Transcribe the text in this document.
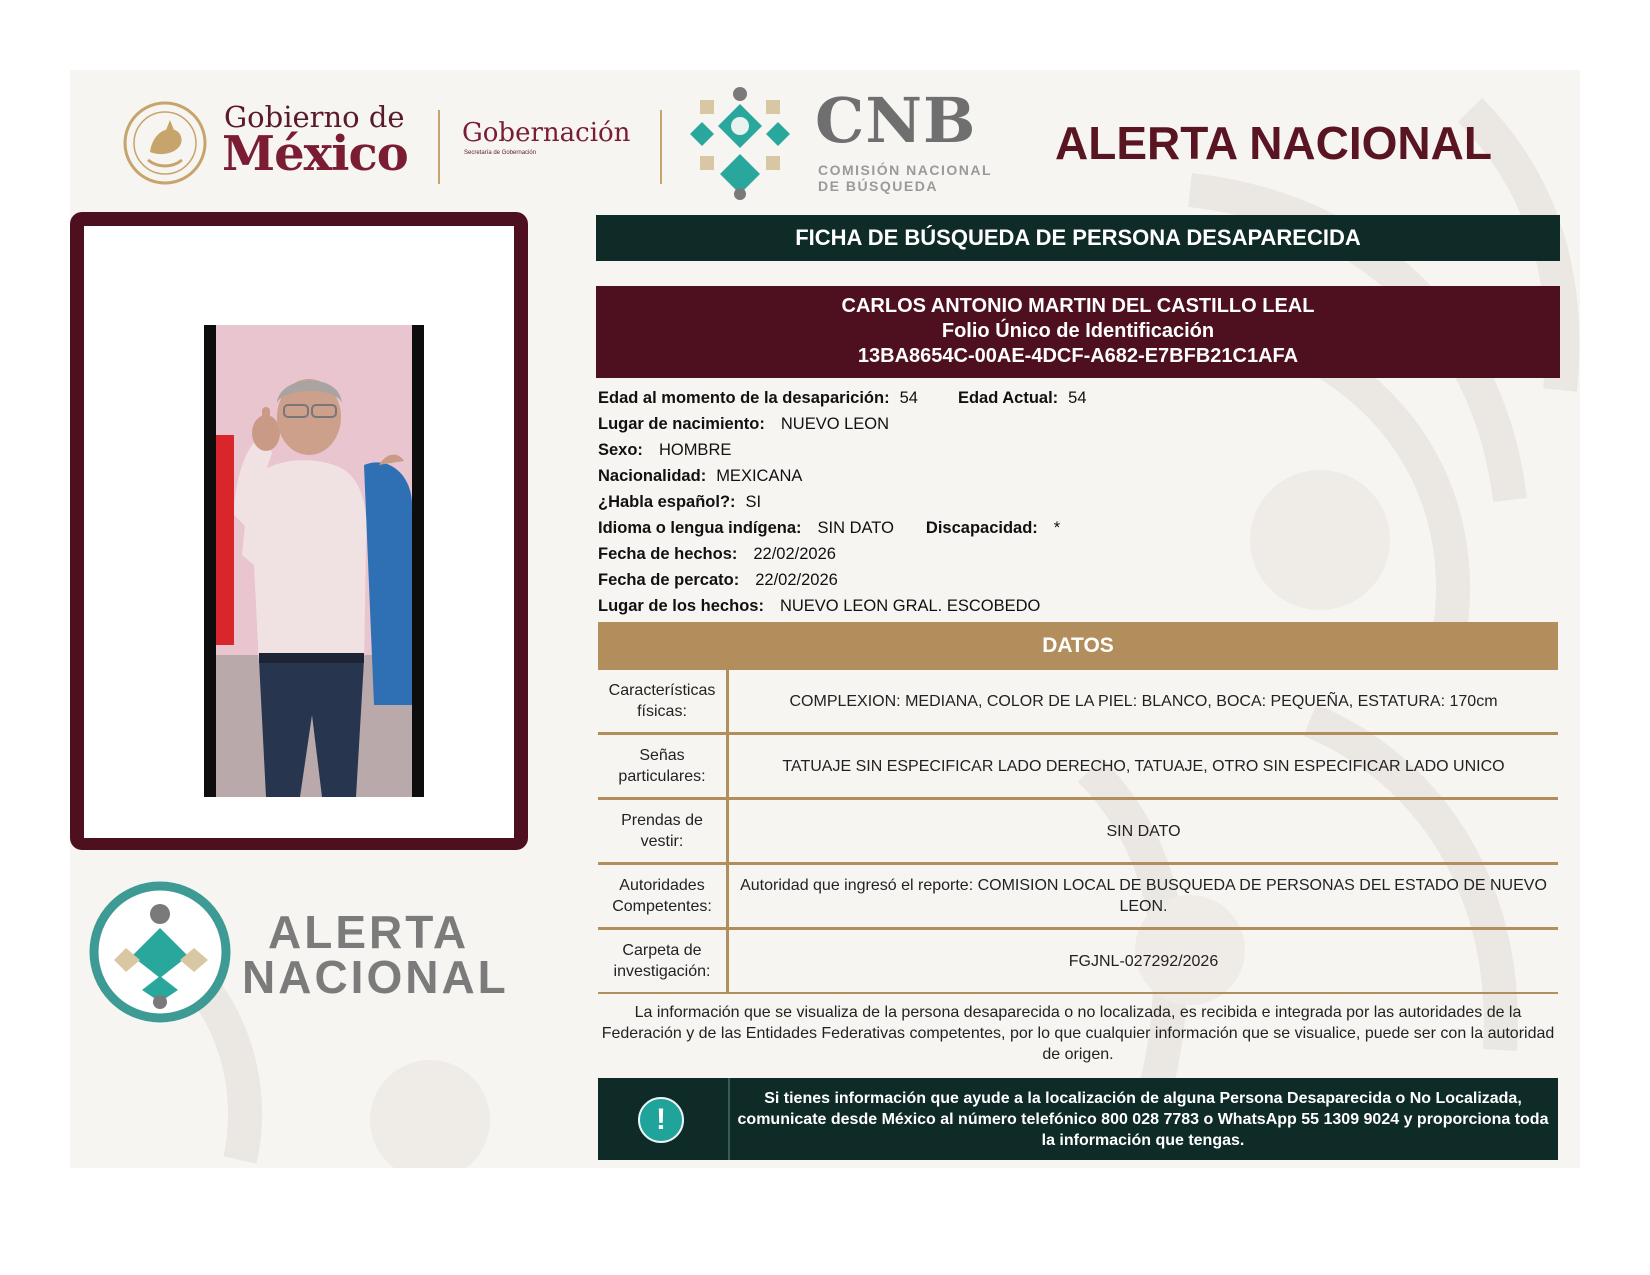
Gobierno de
México Gobernación
Secretaría de Gobernación	CNB
COMISIÓN NACIONAL
DE BÚSQUEDA
ALERTA NACIONAL
ALERTA
NACIONAL
FICHA DE BÚSQUEDA DE PERSONA DESAPARECIDA
CARLOS ANTONIO MARTIN DEL CASTILLO LEAL
Folio Único de Identificación
13BA8654C-00AE-4DCF-A682-E7BFB21C1AFA
Edad al momento de la desaparición: 54 Edad Actual: 54
Lugar de nacimiento: NUEVO LEON
Sexo: HOMBRE
Nacionalidad: MEXICANA
¿Habla español?: SI
Idioma o lengua indígena: SIN DATO Discapacidad: *
Fecha de hechos: 22/02/2026
Fecha de percato: 22/02/2026
Lugar de los hechos: NUEVO LEON GRAL. ESCOBEDO
DATOS
Características
físicas:	COMPLEXION: MEDIANA, COLOR DE LA PIEL: BLANCO, BOCA: PEQUEÑA, ESTATURA: 170cm
Señas
particulares:	TATUAJE SIN ESPECIFICAR LADO DERECHO, TATUAJE, OTRO SIN ESPECIFICAR LADO UNICO
Prendas de
vestir:	SIN DATO
Autoridades
Competentes:	Autoridad que ingresó el reporte: COMISION LOCAL DE BUSQUEDA DE PERSONAS DEL ESTADO DE NUEVO LEON.
Carpeta de
investigación:	FGJNL-027292/2026
La información que se visualiza de la persona desaparecida o no localizada, es recibida e integrada por las autoridades de la Federación y de las Entidades Federativas competentes, por lo que cualquier información que se visualice, puede ser con la autoridad de origen.
!
Si tienes información que ayude a la localización de alguna Persona Desaparecida o No Localizada, comunicate desde México al número telefónico 800 028 7783 o WhatsApp 55 1309 9024 y proporciona toda la información que tengas.
